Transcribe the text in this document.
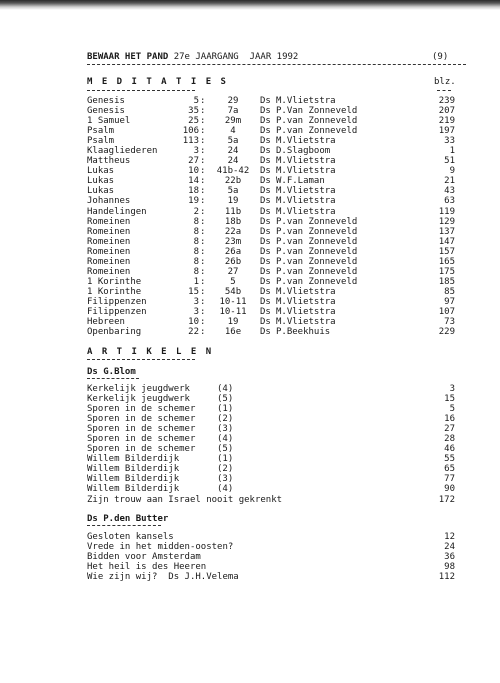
BEWAAR HET PAND 27e JAARGANG  JAAR 1992	(9)
M E D I T A T I E S	blz.
Genesis	5 :	29	Ds M.Vlietstra	239
Genesis	35 :	7a	Ds P.Van Zonneveld	207
1 Samuel	25 :	29m	Ds P.van Zonneveld	219
Psalm	106 :	4	Ds P.van Zonneveld	197
Psalm	113 :	5a	Ds M.Vlietstra	33
Klaagliederen	3 :	24	Ds D.Slagboom	1
Mattheus	27 :	24	Ds M.Vlietstra	51
Lukas	10 :	41b-42	Ds M.Vlietstra	9
Lukas	14 :	22b	Ds W.F.Laman	21
Lukas	18 :	5a	Ds M.Vlietstra	43
Johannes	19 :	19	Ds M.Vlietstra	63
Handelingen	2 :	11b	Ds M.Vlietstra	119
Romeinen	8 :	18b	Ds P.van Zonneveld	129
Romeinen	8 :	22a	Ds P.van Zonneveld	137
Romeinen	8 :	23m	Ds P.van Zonneveld	147
Romeinen	8 :	26a	Ds P.van Zonneveld	157
Romeinen	8 :	26b	Ds P.van Zonneveld	165
Romeinen	8 :	27	Ds P.van Zonneveld	175
1 Korinthe	1 :	5	Ds P.van Zonneveld	185
1 Korinthe	15 :	54b	Ds M.Vlietstra	85
Filippenzen	3 :	10-11	Ds M.Vlietstra	97
Filippenzen	3 :	10-11	Ds M.Vlietstra	107
Hebreen	10 :	19	Ds M.Vlietstra	73
Openbaring	22 :	16e	Ds P.Beekhuis	229
A R T I K E L E N
Ds G.Blom
Kerkelijk jeugdwerk	(4)	3
Kerkelijk jeugdwerk	(5)	15
Sporen in de schemer (1)	5
Sporen in de schemer (2)	16
Sporen in de schemer (3)	27
Sporen in de schemer (4)	28
Sporen in de schemer (5)	46
Willem Bilderdijk	(1)	55
Willem Bilderdijk	(2)	65
Willem Bilderdijk	(3)	77
Willem Bilderdijk	(4)	90
Zijn trouw aan Israel nooit gekrenkt	172
Ds P.den Butter
Gesloten kansels	12
Vrede in het midden-oosten?	24
Bidden voor Amsterdam	36
Het heil is des Heeren	98
Wie zijn wij?  Ds J.H.Velema	112
